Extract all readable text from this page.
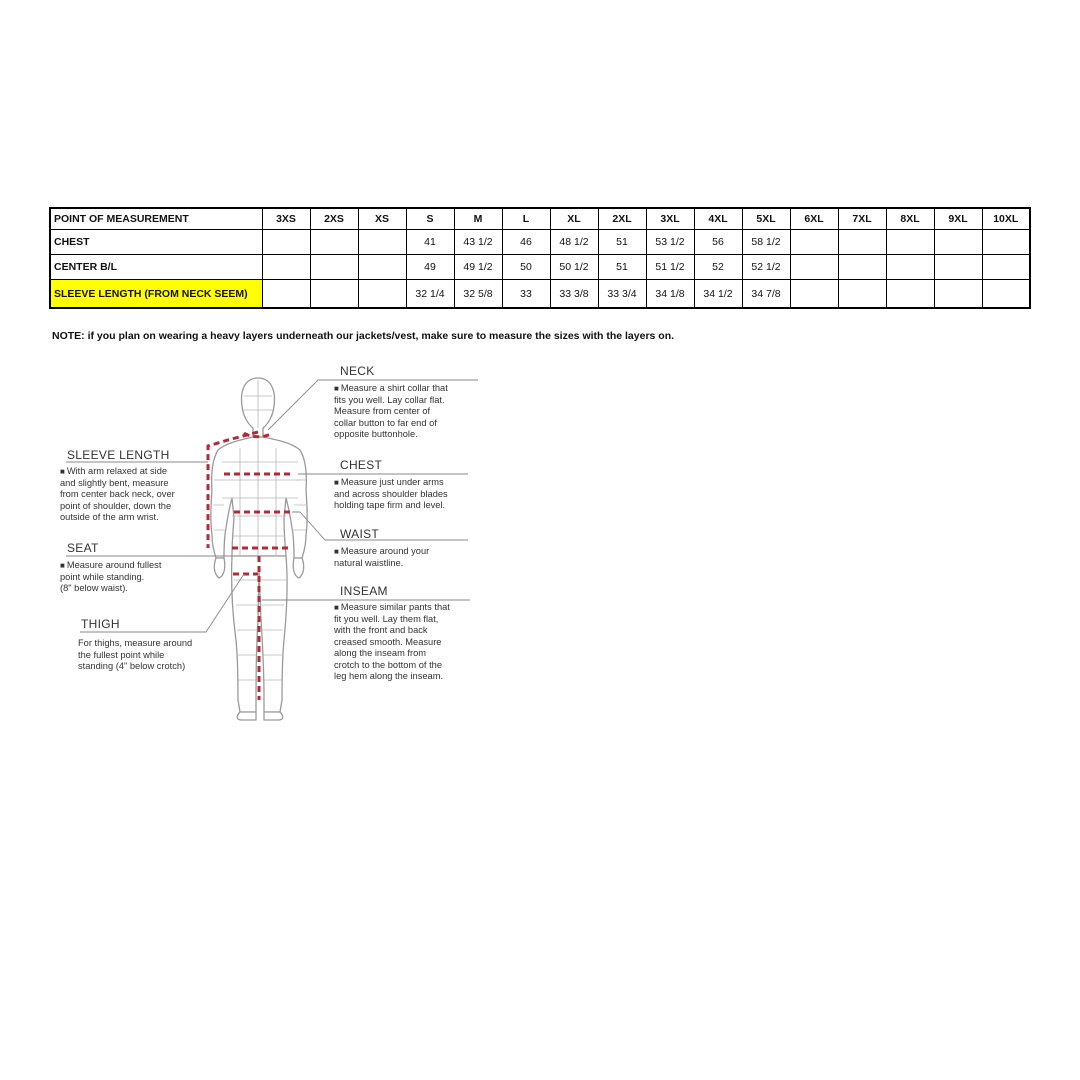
POINT OF MEASUREMENT	3XS	2XS	XS	S	M	L	XL	2XL	3XL	4XL	5XL	6XL	7XL	8XL	9XL	10XL
CHEST				41	43 1/2	46	48 1/2	51	53 1/2	56	58 1/2					
CENTER B/L				49	49 1/2	50	50 1/2	51	51 1/2	52	52 1/2					
SLEEVE LENGTH (FROM NECK SEEM)				32 1/4	32 5/8	33	33 3/8	33 3/4	34 1/8	34 1/2	34 7/8					
NOTE: if you plan on wearing a heavy layers underneath our jackets/vest, make sure to measure the sizes with the layers on.
NECK
■ Measure a shirt collar that
fits you well. Lay collar flat.
Measure from center of
collar button to far end of
opposite buttonhole.
CHEST
■ Measure just under arms
and across shoulder blades
holding tape firm and level.
WAIST
■ Measure around your
natural waistline.
INSEAM
■ Measure similar pants that
fit you well. Lay them flat,
with the front and back
creased smooth. Measure
along the inseam from
crotch to the bottom of the
leg hem along the inseam.
SLEEVE LENGTH
■ With arm relaxed at side
and slightly bent, measure
from center back neck, over
point of shoulder, down the
outside of the arm wrist.
SEAT
■ Measure around fullest
point while standing.
(8" below waist).
THIGH
For thighs, measure around
the fullest point while
standing (4" below crotch)
